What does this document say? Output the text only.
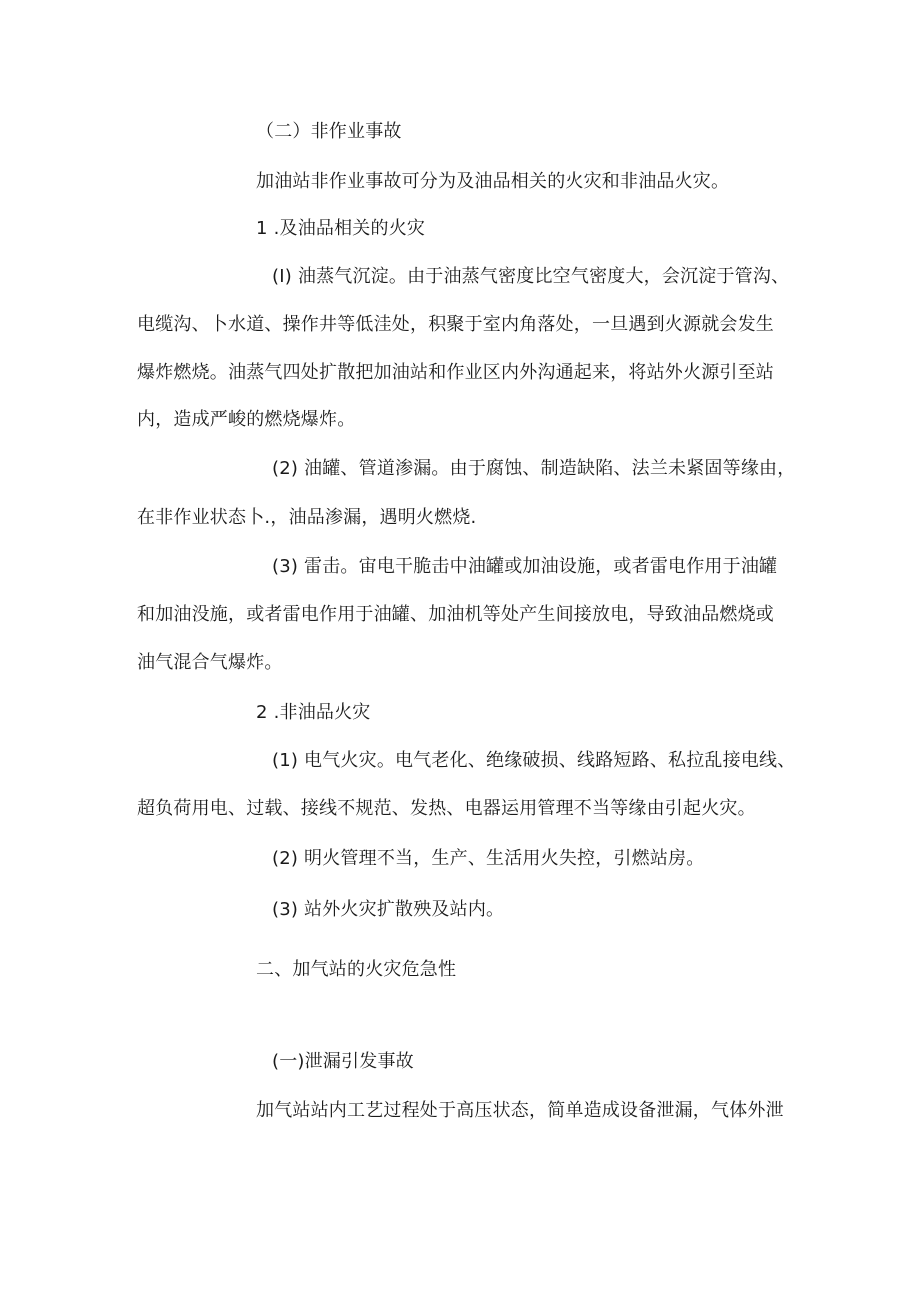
（二）非作业事故
加油站非作业事故可分为及油品相关的火灾和非油品火灾。
1 .及油品相关的火灾
(I) 油蒸气沉淀。由于油蒸气密度比空气密度大，会沉淀于管沟、
电缆沟、卜水道、操作井等低洼处，积聚于室内角落处，一旦遇到火源就会发生
爆炸燃烧。油蒸气四处扩散把加油站和作业区内外沟通起来，将站外火源引至站
内，造成严峻的燃烧爆炸。
(2) 油罐、管道渗漏。由于腐蚀、制造缺陷、法兰未紧固等缘由，
在非作业状态卜.，油品渗漏，遇明火燃烧.
(3) 雷击。宙电干脆击中油罐或加油设施，或者雷电作用于油罐
和加油没施，或者雷电作用于油罐、加油机等处产生间接放电，导致油品燃烧或
油气混合气爆炸。
2 .非油品火灾
(1) 电气火灾。电气老化、绝缘破损、线路短路、私拉乱接电线、
超负荷用电、过载、接线不规范、发热、电器运用管理不当等缘由引起火灾。
(2) 明火管理不当，生产、生活用火失控，引燃站房。
(3) 站外火灾扩散殃及站内。
二、加气站的火灾危急性
(一)泄漏引发事故
加气站站内工艺过程处于高压状态，简单造成设备泄漏，气体外泄
